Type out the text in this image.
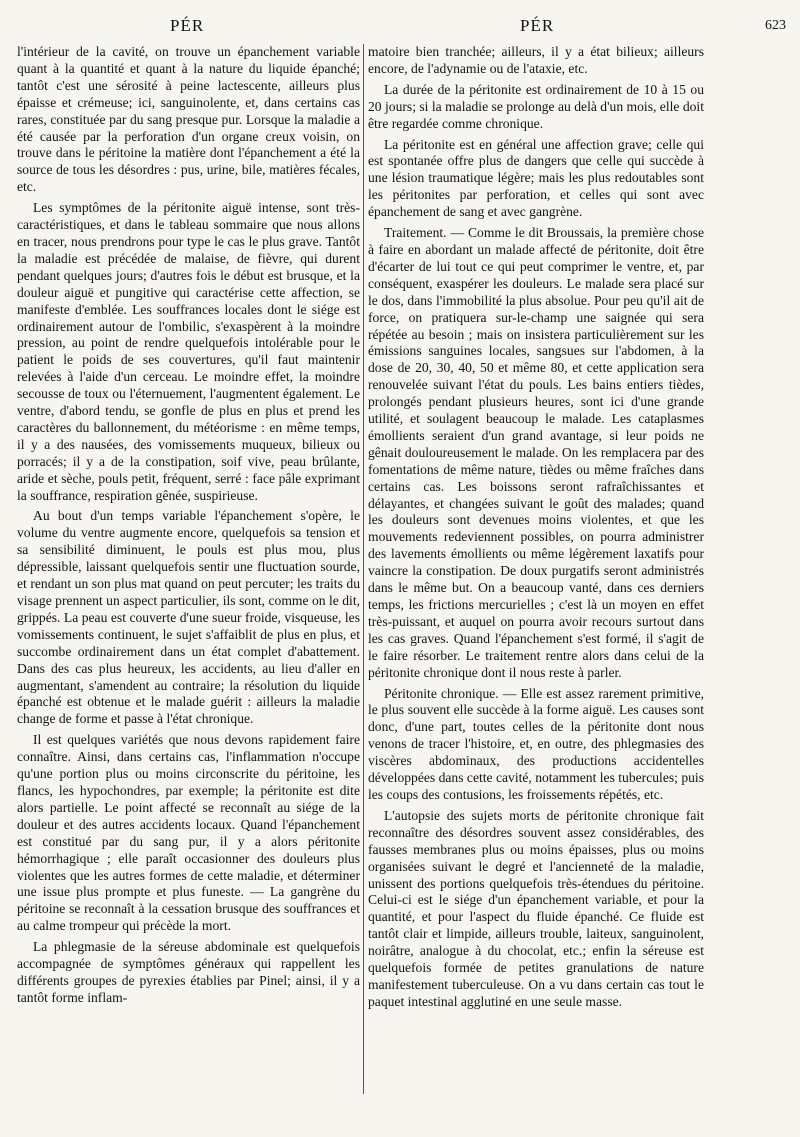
PÉR	PÉR	623

l'intérieur de la cavité, on trouve un épanchement variable quant à la quantité et quant à la nature du liquide épanché; tantôt c'est une sérosité à peine lactescente, ailleurs plus épaisse et crémeuse; ici, sanguinolente, et, dans certains cas rares, constituée par du sang presque pur. Lorsque la maladie a été causée par la perforation d'un organe creux voisin, on trouve dans le péritoine la matière dont l'épanchement a été la source de tous les désordres : pus, urine, bile, matières fécales, etc.

Les symptômes de la péritonite aiguë intense, sont très-caractéristiques, et dans le tableau sommaire que nous allons en tracer, nous prendrons pour type le cas le plus grave. Tantôt la maladie est précédée de malaise, de fièvre, qui durent pendant quelques jours; d'autres fois le début est brusque, et la douleur aiguë et pungitive qui caractérise cette affection, se manifeste d'emblée. Les souffrances locales dont le siége est ordinairement autour de l'ombilic, s'exaspèrent à la moindre pression, au point de rendre quelquefois intolérable pour le patient le poids de ses couvertures, qu'il faut maintenir relevées à l'aide d'un cerceau. Le moindre effet, la moindre secousse de toux ou l'éternuement, l'augmentent également. Le ventre, d'abord tendu, se gonfle de plus en plus et prend les caractères du ballonnement, du météorisme : en même temps, il y a des nausées, des vomissements muqueux, bilieux ou porracés; il y a de la constipation, soif vive, peau brûlante, aride et sèche, pouls petit, fréquent, serré : face pâle exprimant la souffrance, respiration gênée, suspirieuse.

Au bout d'un temps variable l'épanchement s'opère, le volume du ventre augmente encore, quelquefois sa tension et sa sensibilité diminuent, le pouls est plus mou, plus dépressible, laissant quelquefois sentir une fluctuation sourde, et rendant un son plus mat quand on peut percuter; les traits du visage prennent un aspect particulier, ils sont, comme on le dit, grippés. La peau est couverte d'une sueur froide, visqueuse, les vomissements continuent, le sujet s'affaiblit de plus en plus, et succombe ordinairement dans un état complet d'abattement. Dans des cas plus heureux, les accidents, au lieu d'aller en augmentant, s'amendent au contraire; la résolution du liquide épanché est obtenue et le malade guérit : ailleurs la maladie change de forme et passe à l'état chronique.

Il est quelques variétés que nous devons rapidement faire connaître. Ainsi, dans certains cas, l'inflammation n'occupe qu'une portion plus ou moins circonscrite du péritoine, les flancs, les hypochondres, par exemple; la péritonite est dite alors partielle. Le point affecté se reconnaît au siége de la douleur et des autres accidents locaux. Quand l'épanchement est constitué par du sang pur, il y a alors péritonite hémorrhagique ; elle paraît occasionner des douleurs plus violentes que les autres formes de cette maladie, et déterminer une issue plus prompte et plus funeste. — La gangrène du péritoine se reconnaît à la cessation brusque des souffrances et au calme trompeur qui précède la mort.

La phlegmasie de la séreuse abdominale est quelquefois accompagnée de symptômes généraux qui rappellent les différents groupes de pyrexies établies par Pinel; ainsi, il y a tantôt forme inflam-

matoire bien tranchée; ailleurs, il y a état bilieux; ailleurs encore, de l'adynamie ou de l'ataxie, etc.

La durée de la péritonite est ordinairement de 10 à 15 ou 20 jours; si la maladie se prolonge au delà d'un mois, elle doit être regardée comme chronique.

La péritonite est en général une affection grave; celle qui est spontanée offre plus de dangers que celle qui succède à une lésion traumatique légère; mais les plus redoutables sont les péritonites par perforation, et celles qui sont avec épanchement de sang et avec gangrène.

Traitement. — Comme le dit Broussais, la première chose à faire en abordant un malade affecté de péritonite, doit être d'écarter de lui tout ce qui peut comprimer le ventre, et, par conséquent, exaspérer les douleurs. Le malade sera placé sur le dos, dans l'immobilité la plus absolue. Pour peu qu'il ait de force, on pratiquera sur-le-champ une saignée qui sera répétée au besoin ; mais on insistera particulièrement sur les émissions sanguines locales, sangsues sur l'abdomen, à la dose de 20, 30, 40, 50 et même 80, et cette application sera renouvelée suivant l'état du pouls. Les bains entiers tièdes, prolongés pendant plusieurs heures, sont ici d'une grande utilité, et soulagent beaucoup le malade. Les cataplasmes émollients seraient d'un grand avantage, si leur poids ne gênait douloureusement le malade. On les remplacera par des fomentations de même nature, tièdes ou même fraîches dans certains cas. Les boissons seront rafraîchissantes et délayantes, et changées suivant le goût des malades; quand les douleurs sont devenues moins violentes, et que les mouvements redeviennent possibles, on pourra administrer des lavements émollients ou même légèrement laxatifs pour vaincre la constipation. De doux purgatifs seront administrés dans le même but. On a beaucoup vanté, dans ces derniers temps, les frictions mercurielles ; c'est là un moyen en effet très-puissant, et auquel on pourra avoir recours surtout dans les cas graves. Quand l'épanchement s'est formé, il s'agit de le faire résorber. Le traitement rentre alors dans celui de la péritonite chronique dont il nous reste à parler.

Péritonite chronique. — Elle est assez rarement primitive, le plus souvent elle succède à la forme aiguë. Les causes sont donc, d'une part, toutes celles de la péritonite dont nous venons de tracer l'histoire, et, en outre, des phlegmasies des viscères abdominaux, des productions accidentelles développées dans cette cavité, notamment les tubercules; puis les coups des contusions, les froissements répétés, etc.

L'autopsie des sujets morts de péritonite chronique fait reconnaître des désordres souvent assez considérables, des fausses membranes plus ou moins épaisses, plus ou moins organisées suivant le degré et l'ancienneté de la maladie, unissent des portions quelquefois très-étendues du péritoine. Celui-ci est le siége d'un épanchement variable, et pour la quantité, et pour l'aspect du fluide épanché. Ce fluide est tantôt clair et limpide, ailleurs trouble, laiteux, sanguinolent, noirâtre, analogue à du chocolat, etc.; enfin la séreuse est quelquefois formée de petites granulations de nature manifestement tuberculeuse. On a vu dans certain cas tout le paquet intestinal agglutiné en une seule masse.
